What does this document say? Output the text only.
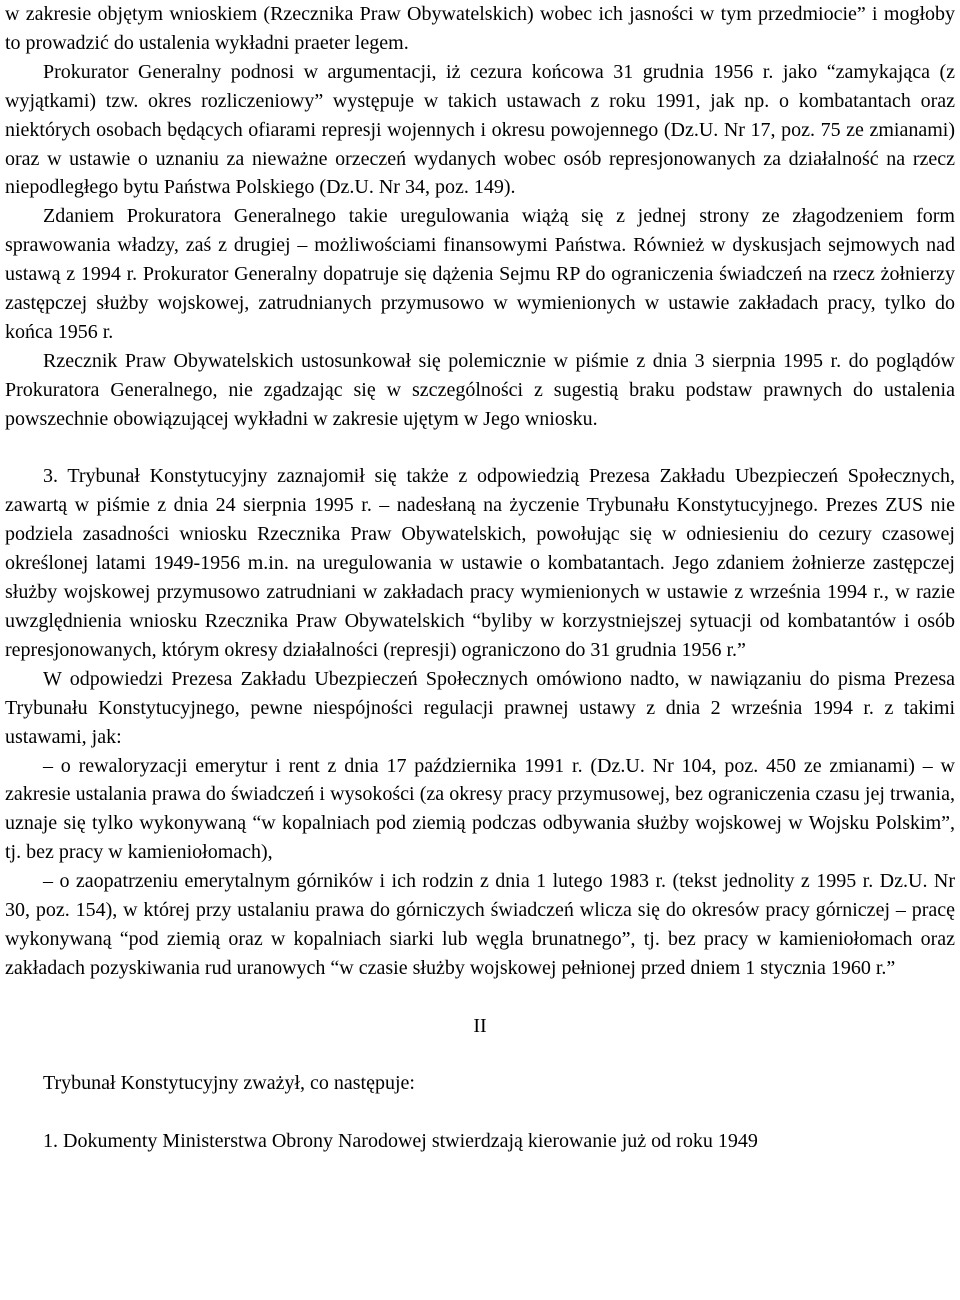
w zakresie objętym wnioskiem (Rzecznika Praw Obywatelskich) wobec ich jasności w tym przedmiocie” i mogłoby to prowadzić do ustalenia wykładni praeter legem.

Prokurator Generalny podnosi w argumentacji, iż cezura końcowa 31 grudnia 1956 r. jako “zamykająca (z wyjątkami) tzw. okres rozliczeniowy” występuje w takich ustawach z roku 1991, jak np. o kombatantach oraz niektórych osobach będących ofiarami represji wojennych i okresu powojennego (Dz.U. Nr 17, poz. 75 ze zmianami) oraz w ustawie o uznaniu za nieważne orzeczeń wydanych wobec osób represjonowanych za działalność na rzecz niepodległego bytu Państwa Polskiego (Dz.U. Nr 34, poz. 149).

Zdaniem Prokuratora Generalnego takie uregulowania wiążą się z jednej strony ze złagodzeniem form sprawowania władzy, zaś z drugiej – możliwościami finansowymi Państwa. Również w dyskusjach sejmowych nad ustawą z 1994 r. Prokurator Generalny dopatruje się dążenia Sejmu RP do ograniczenia świadczeń na rzecz żołnierzy zastępczej służby wojskowej, zatrudnianych przymusowo w wymienionych w ustawie zakładach pracy, tylko do końca 1956 r.

Rzecznik Praw Obywatelskich ustosunkował się polemicznie w piśmie z dnia 3 sierpnia 1995 r. do poglądów Prokuratora Generalnego, nie zgadzając się w szczególności z sugestią braku podstaw prawnych do ustalenia powszechnie obowiązującej wykładni w zakresie ujętym w Jego wniosku.

3. Trybunał Konstytucyjny zaznajomił się także z odpowiedzią Prezesa Zakładu Ubezpieczeń Społecznych, zawartą w piśmie z dnia 24 sierpnia 1995 r. – nadesłaną na życzenie Trybunału Konstytucyjnego. Prezes ZUS nie podziela zasadności wniosku Rzecznika Praw Obywatelskich, powołując się w odniesieniu do cezury czasowej określonej latami 1949-1956 m.in. na uregulowania w ustawie o kombatantach. Jego zdaniem żołnierze zastępczej służby wojskowej przymusowo zatrudniani w zakładach pracy wymienionych w ustawie z września 1994 r., w razie uwzględnienia wniosku Rzecznika Praw Obywatelskich “byliby w korzystniejszej sytuacji od kombatantów i osób represjonowanych, którym okresy działalności (represji) ograniczono do 31 grudnia 1956 r.”

W odpowiedzi Prezesa Zakładu Ubezpieczeń Społecznych omówiono nadto, w nawiązaniu do pisma Prezesa Trybunału Konstytucyjnego, pewne niespójności regulacji prawnej ustawy z dnia 2 września 1994 r. z takimi ustawami, jak:

– o rewaloryzacji emerytur i rent z dnia 17 października 1991 r. (Dz.U. Nr 104, poz. 450 ze zmianami) – w zakresie ustalania prawa do świadczeń i wysokości (za okresy pracy przymusowej, bez ograniczenia czasu jej trwania, uznaje się tylko wykonywaną “w kopalniach pod ziemią podczas odbywania służby wojskowej w Wojsku Polskim”, tj. bez pracy w kamieniołomach),

– o zaopatrzeniu emerytalnym górników i ich rodzin z dnia 1 lutego 1983 r. (tekst jednolity z 1995 r. Dz.U. Nr 30, poz. 154), w której przy ustalaniu prawa do górniczych świadczeń wlicza się do okresów pracy górniczej – pracę wykonywaną “pod ziemią oraz w kopalniach siarki lub węgla brunatnego”, tj. bez pracy w kamieniołomach oraz zakładach pozyskiwania rud uranowych “w czasie służby wojskowej pełnionej przed dniem 1 stycznia 1960 r.”

II

Trybunał Konstytucyjny zważył, co następuje:

1. Dokumenty Ministerstwa Obrony Narodowej stwierdzają kierowanie już od roku 1949
